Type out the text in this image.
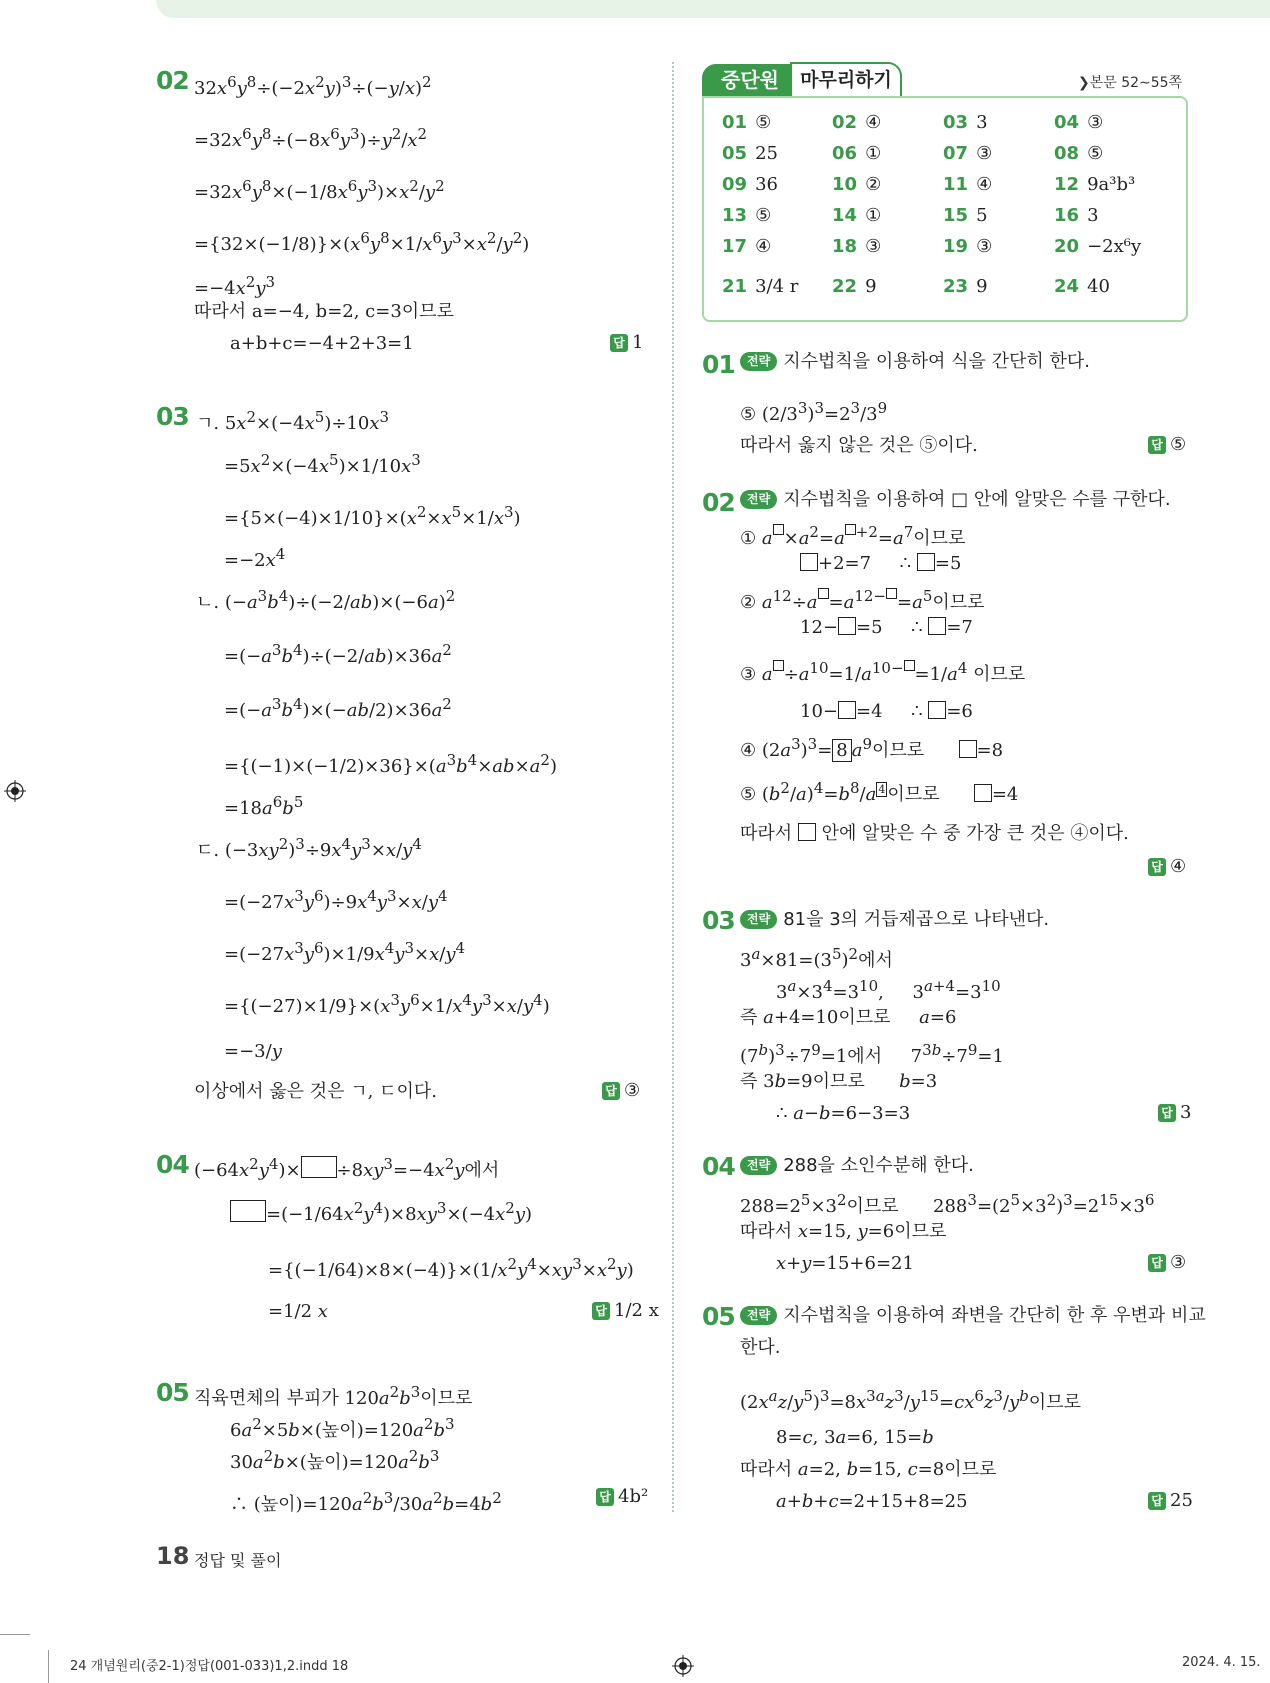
02 $32x^6y^8\div(-2x^2y)^3\div(-y/x)^2$
$=32x^6y^8\div(-8x^6y^3)\div y^2/x^2$
$=32x^6y^8\times(-1/8x^6y^3)\times x^2/y^2$
$=\{32\times(-1/8)\}\times(x^6y^8\times 1/x^6y^3\times x^2/y^2)$
$=-4x^2y^3$
따라서 a=−4, b=2, c=3이므로
a+b+c=−4+2+3=1	답 1
03 ㄱ. $5x^2\times(-4x^5)\div 10x^3$
$=5x^2\times(-4x^5)\times 1/10x^3$
$=\{5\times(-4)\times 1/10\}\times(x^2\times x^5\times 1/x^3)$
$=-2x^4$
ㄴ. $(-a^3b^4)\div(-2/ab)\times(-6a)^2$
$=(-a^3b^4)\div(-2/ab)\times 36a^2$
$=(-a^3b^4)\times(-ab/2)\times 36a^2$
$=\{(-1)\times(-1/2)\times 36\}\times(a^3b^4\times ab\times a^2)$
$=18a^6b^5$
ㄷ. $(-3xy^2)^3\div 9x^4y^3\times x/y^4$
$=(-27x^3y^6)\div 9x^4y^3\times x/y^4$
$=(-27x^3y^6)\times 1/9x^4y^3\times x/y^4$
$=\{(-27)\times 1/9\}\times(x^3y^6\times 1/x^4y^3\times x/y^4)$
=−3/y
이상에서 옳은 것은 ㄱ, ㄷ이다.	답 ③
04 $(-64x^2y^4)\times \div 8xy^3=-4x^2y$에서
$=(-1/64x^2y^4)\times 8xy^3\times(-4x^2y)$
$=\{(-1/64)\times 8\times(-4)\}\times(1/x^2y^4\times xy^3\times x^2y)$
=1/2 x	답 1/2 x
05 직육면체의 부피가 $120a^2b^3$이므로
$6a^2\times 5b\times$(높이)$=120a^2b^3$
$30a^2b\times$(높이)$=120a^2b^3$
∴ (높이)$=120a^2b^3/30a^2b=4b^2$	답 4b²
중단원	마무리하기	❯본문 52∼55쪽
01 ⑤	02 ④	03 3	04 ③
05 25	06 ①	07 ③	08 ⑤
09 36	10 ②	11 ④	12 9a³b³
13 ⑤	14 ①	15 5	16 3
17 ④	18 ③	19 ③	20 −2x⁶y
21 3/4 r 22 9	23 9	24 40
01	전략 지수법칙을 이용하여 식을 간단히 한다.
⑤ $(2/3^3)^3=2^3/3^9$
따라서 옳지 않은 것은 ⑤이다.	답 ⑤
02	전략 지수법칙을 이용하여 □ 안에 알맞은 수를 구한다.
① $a \times a^2=a$ $^{+2}=a^7$이므로
+2=7     ∴ =5
② $a^{12}\div a =a^{12-} =a^5$이므로
12− =5     ∴ =7
③ $a \div a^{10}=1/a^{10-} =1/a^4$ 이므로
10− =4     ∴ =6
④ $(2a^3)^3= 8$ $a^9$이므로      =8
⑤ $(b^2/a)^4=b^8/a$ $^4$ 이므로      =4
따라서  안에 알맞은 수 중 가장 큰 것은 ④이다.
답 ④
03	전략 81을 3의 거듭제곱으로 나타낸다.
$3^a\times 81=(3^5)^2$에서
$3^a\times 3^4=3^{10}$,     $3^{a+4}=3^{10}$
즉 a+4=10이므로     a=6
$(7^b)^3\div 7^9=1$에서     $7^{3b}\div 7^9=1$
즉 3b=9이므로      b=3
∴ a−b=6−3=3	답 3
04	전략 288을 소인수분해 한다.
$288=2^5\times 3^2$이므로      $288^3=(2^5\times 3^2)^3=2^{15}\times 3^6$
따라서 x=15, y=6이므로
x+y=15+6=21	답 ③
05	전략 지수법칙을 이용하여 좌변을 간단히 한 후 우변과 비교
한다.
$(2x^az/y^5)^3=8x^{3a}z^3/y^{15}=cx^6z^3/y^b$이므로
8=c, 3a=6, 15=b
따라서 a=2, b=15, c=8이므로
a+b+c=2+15+8=25	답 25
18 정답 및 풀이
24 개념원리(중2-1)정답(001-033)1,2.indd 18	2024. 4. 15.
